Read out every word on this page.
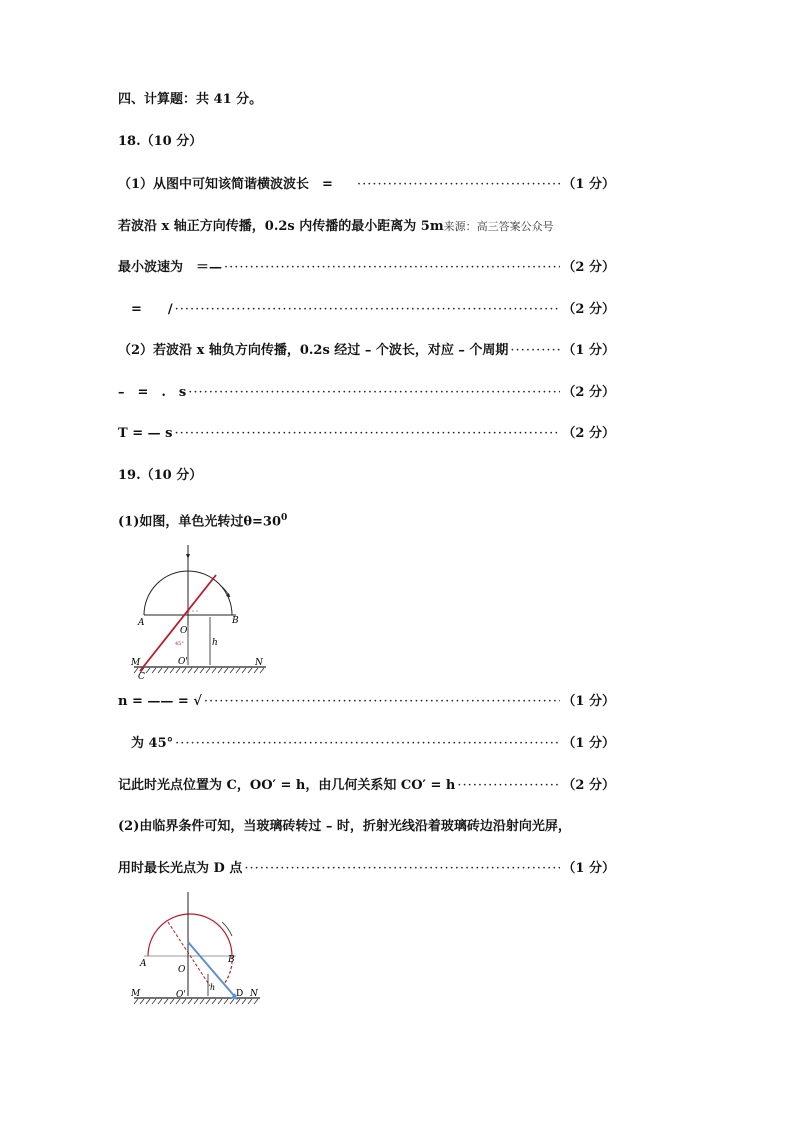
四、计算题：共 41 分。
18.（10 分）
（1）从图中可知该简谐横波波长　= ·····	（1 分）
若波沿 x 轴正方向传播，0.2s 内传播的最小距离为 5m来源：高三答案公众号
最小波速为　＝— ·····	（2 分）
　=　　/ ·····	（2 分）
（2）若波沿 x 轴负方向传播，0.2s 经过 – 个波长，对应 – 个周期 ·····	（1 分）
–　=　.　s ·····	（2 分）
T = — s ·····	（2 分）
19.（10 分）
(1)如图，单色光转过$\theta=30^0$
A	B
O
O'
M	N
C
h
45°
n = —— = √ ·····	（1 分）
　为 45° ·····	（1 分）
记此时光点位置为 C，OO′ = h，由几何关系知 CO′ = h ·····	（2 分）
(2)由临界条件可知，当玻璃砖转过 – 时，折射光线沿着玻璃砖边沿射向光屏，
用时最长光点为 D 点 ·····	（1 分）
A	B
O
O'
M	N
D
h
